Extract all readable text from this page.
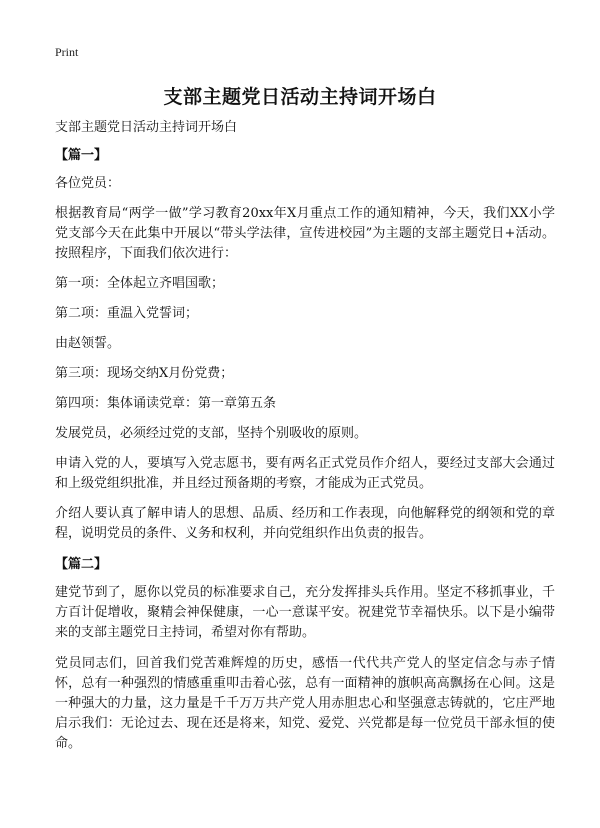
Print
支部主题党日活动主持词开场白

支部主题党日活动主持词开场白

【篇一】

各位党员：

根据教育局“两学一做”学习教育20xx年X月重点工作的通知精神，今天，我们XX小学党支部今天在此集中开展以“带头学法律，宣传进校园”为主题的支部主题党日+活动。按照程序，下面我们依次进行：

第一项：全体起立齐唱国歌；

第二项：重温入党誓词；

由赵领誓。

第三项：现场交纳X月份党费；

第四项：集体诵读党章：第一章第五条

发展党员，必须经过党的支部，坚持个别吸收的原则。

申请入党的人，要填写入党志愿书，要有两名正式党员作介绍人，要经过支部大会通过和上级党组织批准，并且经过预备期的考察，才能成为正式党员。

介绍人要认真了解申请人的思想、品质、经历和工作表现，向他解释党的纲领和党的章程，说明党员的条件、义务和权利，并向党组织作出负责的报告。

【篇二】

建党节到了，愿你以党员的标准要求自己，充分发挥排头兵作用。坚定不移抓事业，千方百计促增收，聚精会神保健康，一心一意谋平安。祝建党节幸福快乐。以下是小编带来的支部主题党日主持词，希望对你有帮助。

党员同志们，回首我们党苦难辉煌的历史，感悟一代代共产党人的坚定信念与赤子情怀，总有一种强烈的情感重重叩击着心弦，总有一面精神的旗帜高高飘扬在心间。这是一种强大的力量，这力量是千千万万共产党人用赤胆忠心和坚强意志铸就的，它庄严地启示我们：无论过去、现在还是将来，知党、爱党、兴党都是每一位党员干部永恒的使命。
